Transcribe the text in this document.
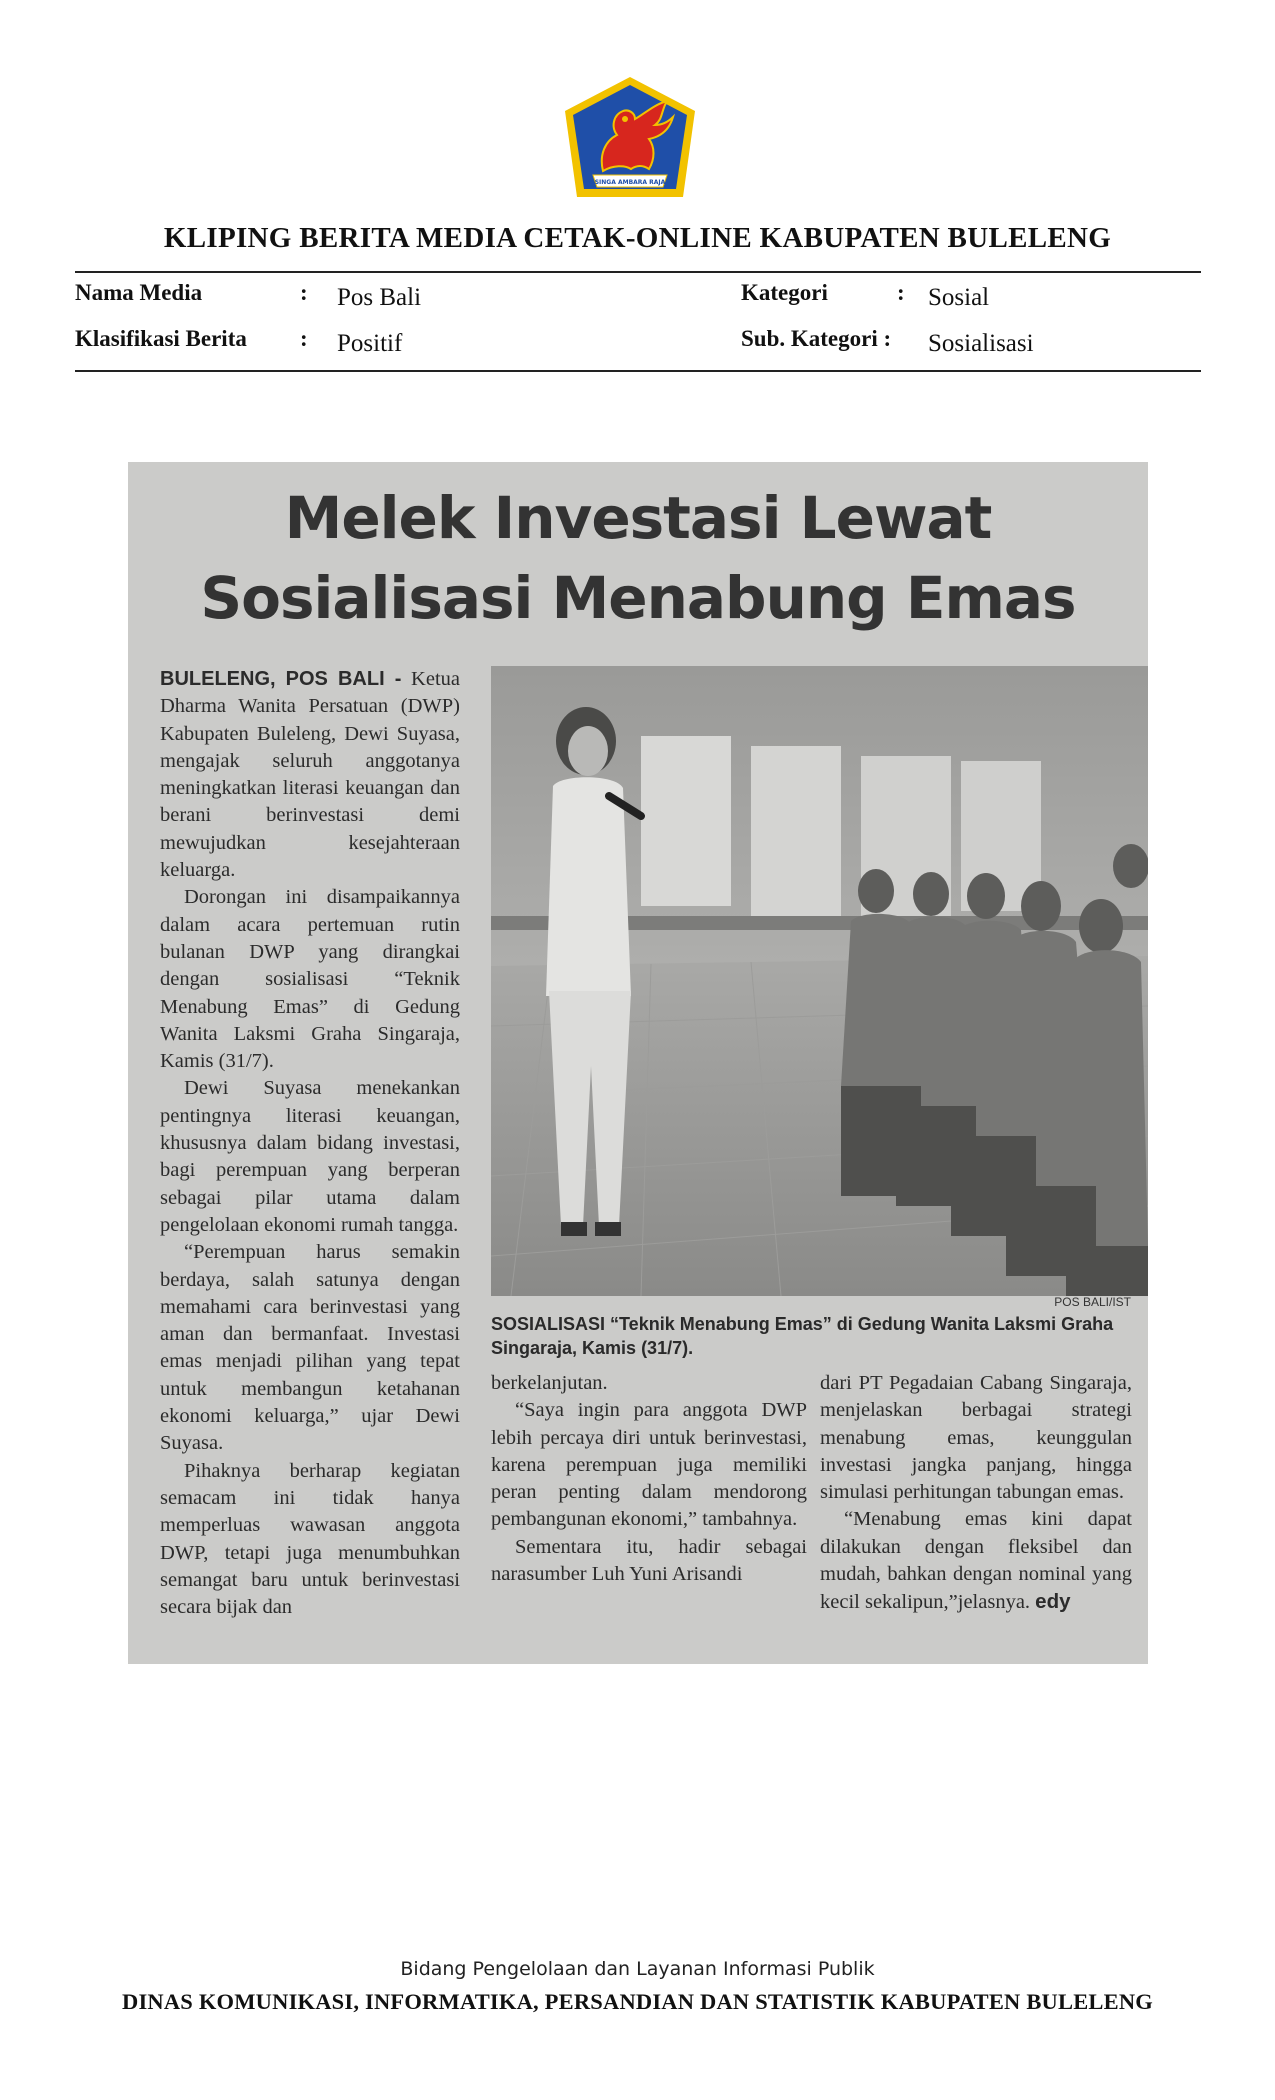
SINGA AMBARA RAJA
KLIPING BERITA MEDIA CETAK-ONLINE KABUPATEN BULELENG
Nama Media	: Pos Bali
Klasifikasi Berita : Positif
Kategori	: Sosial
Sub. Kategori : Sosialisasi
Melek Investasi Lewat
Sosialisasi Menabung Emas

BULELENG, POS BALI - Ketua Dharma Wanita Persatuan (DWP) Kabupaten Buleleng, Dewi Suyasa, mengajak seluruh anggotanya meningkatkan literasi keuangan dan berani berinvestasi demi mewujudkan kesejahteraan keluarga.

Dorongan ini disampaikannya dalam acara pertemuan rutin bulanan DWP yang dirangkai dengan sosialisasi “Teknik Menabung Emas” di Gedung Wanita Laksmi Graha Singaraja, Kamis (31/7).

Dewi Suyasa menekankan pentingnya literasi keuangan, khususnya dalam bidang investasi, bagi perempuan yang berperan sebagai pilar utama dalam pengelolaan ekonomi rumah tangga.

“Perempuan harus semakin berdaya, salah satunya dengan memahami cara berinvestasi yang aman dan bermanfaat. Investasi emas menjadi pilihan yang tepat untuk membangun ketahanan ekonomi keluarga,” ujar Dewi Suyasa.

Pihaknya berharap kegiatan semacam ini tidak hanya memperluas wawasan anggota DWP, tetapi juga menumbuhkan semangat baru untuk berinvestasi secara bijak dan

POS BALI/IST
SOSIALISASI “Teknik Menabung Emas” di Gedung Wanita Laksmi Graha Singaraja, Kamis (31/7).

berkelanjutan.

“Saya ingin para anggota DWP lebih percaya diri untuk berinvestasi, karena perempuan juga memiliki peran penting dalam mendorong pembangunan ekonomi,” tambahnya.

Sementara itu, hadir sebagai narasumber Luh Yuni Arisandi

dari PT Pegadaian Cabang Singaraja, menjelaskan berbagai strategi menabung emas, keunggulan investasi jangka panjang, hingga simulasi perhitungan tabungan emas.

“Menabung emas kini dapat dilakukan dengan fleksibel dan mudah, bahkan dengan nominal yang kecil sekalipun,”jelasnya. edy

Bidang Pengelolaan dan Layanan Informasi Publik
DINAS KOMUNIKASI, INFORMATIKA, PERSANDIAN DAN STATISTIK KABUPATEN BULELENG
